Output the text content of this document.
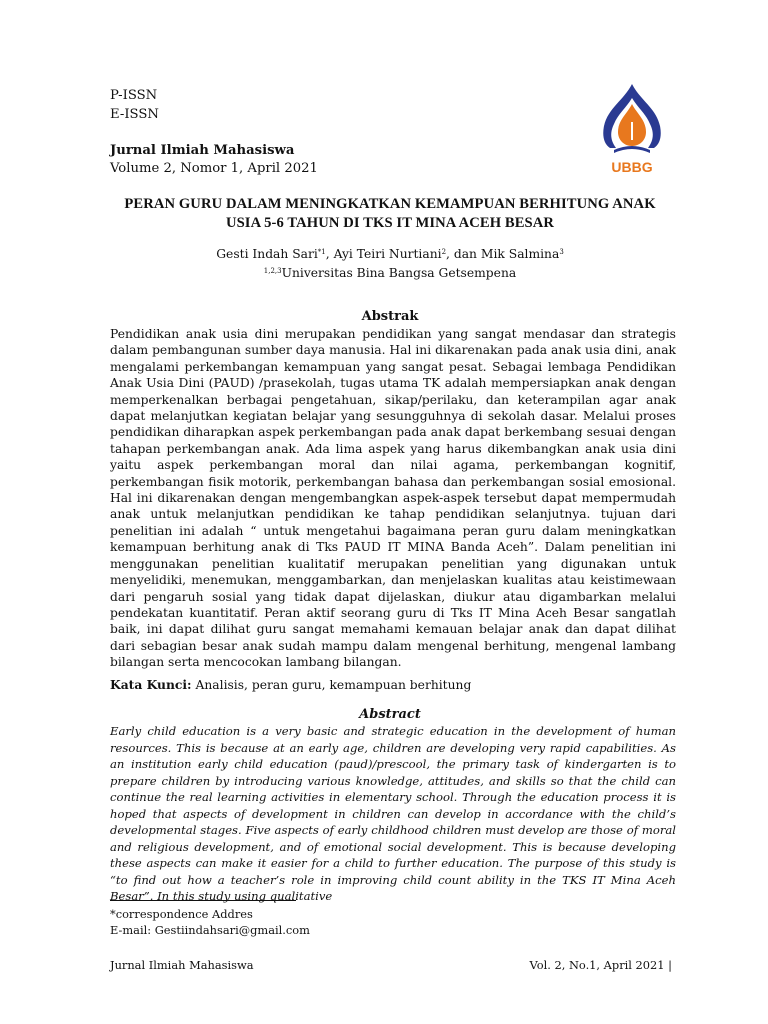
P-ISSN
E-ISSN
Jurnal Ilmiah Mahasiswa
Volume 2, Nomor 1, April 2021	UBBG
PERAN GURU DALAM MENINGKATKAN KEMAMPUAN BERHITUNG ANAK
USIA 5-6 TAHUN DI TKS IT MINA ACEH BESAR
Gesti Indah Sari$^{*1}$, Ayi Teiri Nurtiani$^2$, dan Mik Salmina$^3$
$^{1,2,3}$Universitas Bina Bangsa Getsempena
Abstrak

Pendidikan anak usia dini merupakan pendidikan yang sangat mendasar dan strategis dalam pembangunan sumber daya manusia. Hal ini dikarenakan pada anak usia dini, anak mengalami perkembangan kemampuan yang sangat pesat. Sebagai lembaga Pendidikan Anak Usia Dini (PAUD) /prasekolah, tugas utama TK adalah mempersiapkan anak dengan memperkenalkan berbagai pengetahuan, sikap/perilaku, dan keterampilan agar anak dapat melanjutkan kegiatan belajar yang sesungguhnya di sekolah dasar. Melalui proses pendidikan diharapkan aspek perkembangan pada anak dapat berkembang sesuai dengan tahapan perkembangan anak. Ada lima aspek yang harus dikembangkan anak usia dini yaitu aspek perkembangan moral dan nilai agama, perkembangan kognitif, perkembangan fisik motorik, perkembangan bahasa dan perkembangan sosial emosional. Hal ini dikarenakan dengan mengembangkan aspek-aspek tersebut dapat mempermudah anak untuk melanjutkan pendidikan ke tahap pendidikan selanjutnya. tujuan dari penelitian ini adalah “ untuk mengetahui bagaimana peran guru dalam meningkatkan kemampuan berhitung anak di Tks PAUD IT MINA Banda Aceh”. Dalam penelitian ini menggunakan penelitian kualitatif merupakan penelitian yang digunakan untuk menyelidiki, menemukan, menggambarkan, dan menjelaskan kualitas atau keistimewaan dari pengaruh sosial yang tidak dapat dijelaskan, diukur atau digambarkan melalui pendekatan kuantitatif. Peran aktif seorang guru di Tks IT Mina Aceh Besar sangatlah baik, ini dapat dilihat guru sangat memahami kemauan belajar anak dan dapat dilihat dari sebagian besar anak sudah mampu dalam mengenal berhitung, mengenal lambang bilangan serta mencocokan lambang bilangan.

Kata Kunci: Analisis, peran guru, kemampuan berhitung
Abstract

Early child education is a very basic and strategic education in the development of human resources. This is because at an early age, children are developing very rapid capabilities. As an institution early child education (paud)/prescool, the primary task of kindergarten is to prepare children by introducing various knowledge, attitudes, and skills so that the child can continue the real learning activities in elementary school. Through the education process it is hoped that aspects of development in children can develop in accordance with the child’s developmental stages. Five aspects of early childhood children must develop are those of moral and religious development, and of emotional social development. This is because developing these aspects can make it easier for a child to further education. The purpose of this study is “to find out how a teacher’s role in improving child count ability in the TKS IT Mina Aceh Besar”. In this study using qualitative

*correspondence Addres
E-mail: Gestiindahsari@gmail.com
Jurnal Ilmiah Mahasiswa	Vol. 2, No.1, April 2021 |
